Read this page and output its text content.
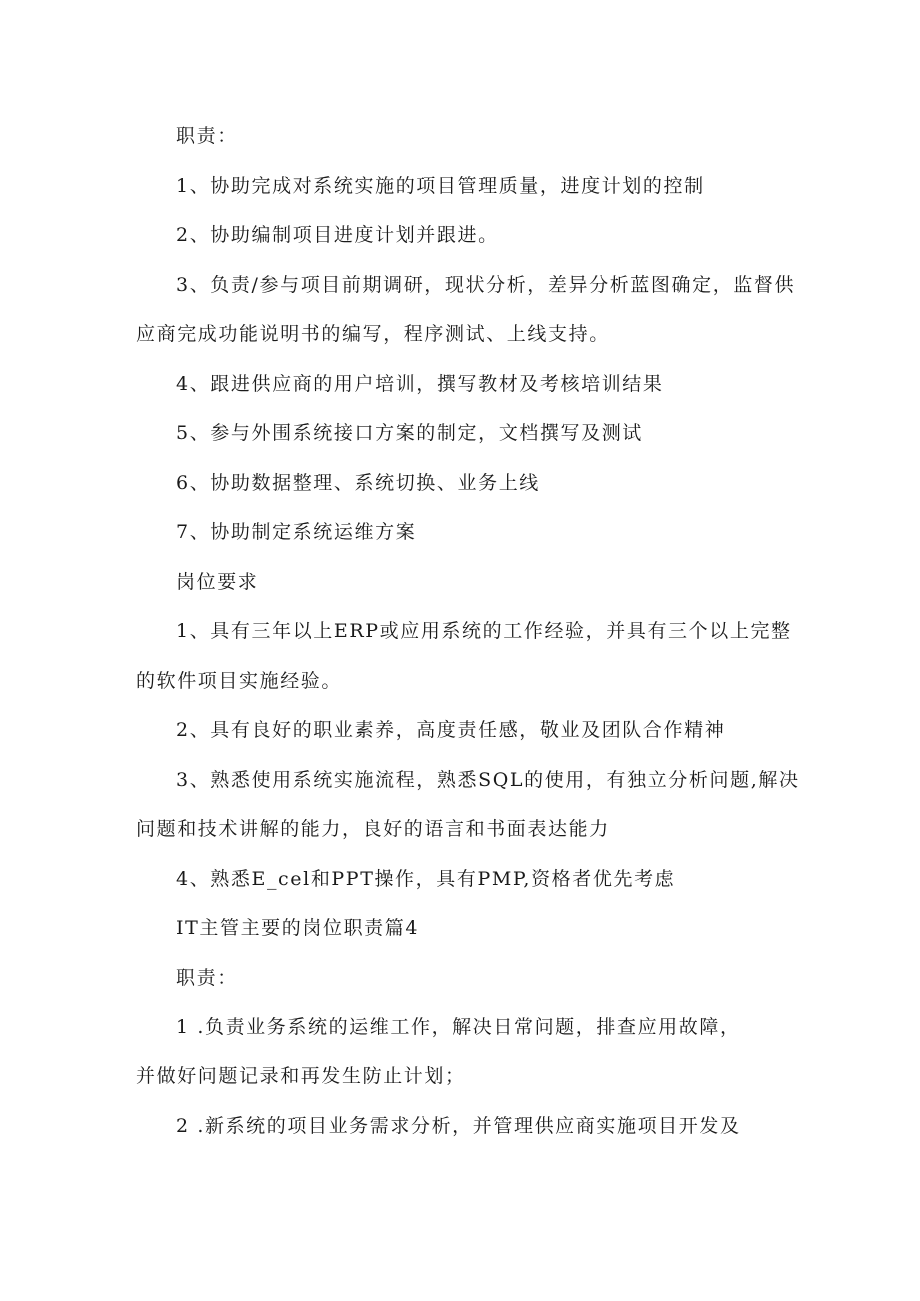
职责：

1、协助完成对系统实施的项目管理质量，进度计划的控制

2、协助编制项目进度计划并跟进。

3、负责/参与项目前期调研，现状分析，差异分析蓝图确定，监督供

应商完成功能说明书的编写，程序测试、上线支持。

4、跟进供应商的用户培训，撰写教材及考核培训结果

5、参与外围系统接口方案的制定，文档撰写及测试

6、协助数据整理、系统切换、业务上线

7、协助制定系统运维方案

岗位要求

1、具有三年以上ERP或应用系统的工作经验，并具有三个以上完整

的软件项目实施经验。

2、具有良好的职业素养，高度责任感，敬业及团队合作精神

3、熟悉使用系统实施流程，熟悉SQL的使用，有独立分析问题,解决

问题和技术讲解的能力，良好的语言和书面表达能力

4、熟悉E_cel和PPT操作，具有PMP,资格者优先考虑

IT主管主要的岗位职责篇4

职责：

1 .负责业务系统的运维工作，解决日常问题，排查应用故障，

并做好问题记录和再发生防止计划；

2 .新系统的项目业务需求分析，并管理供应商实施项目开发及
